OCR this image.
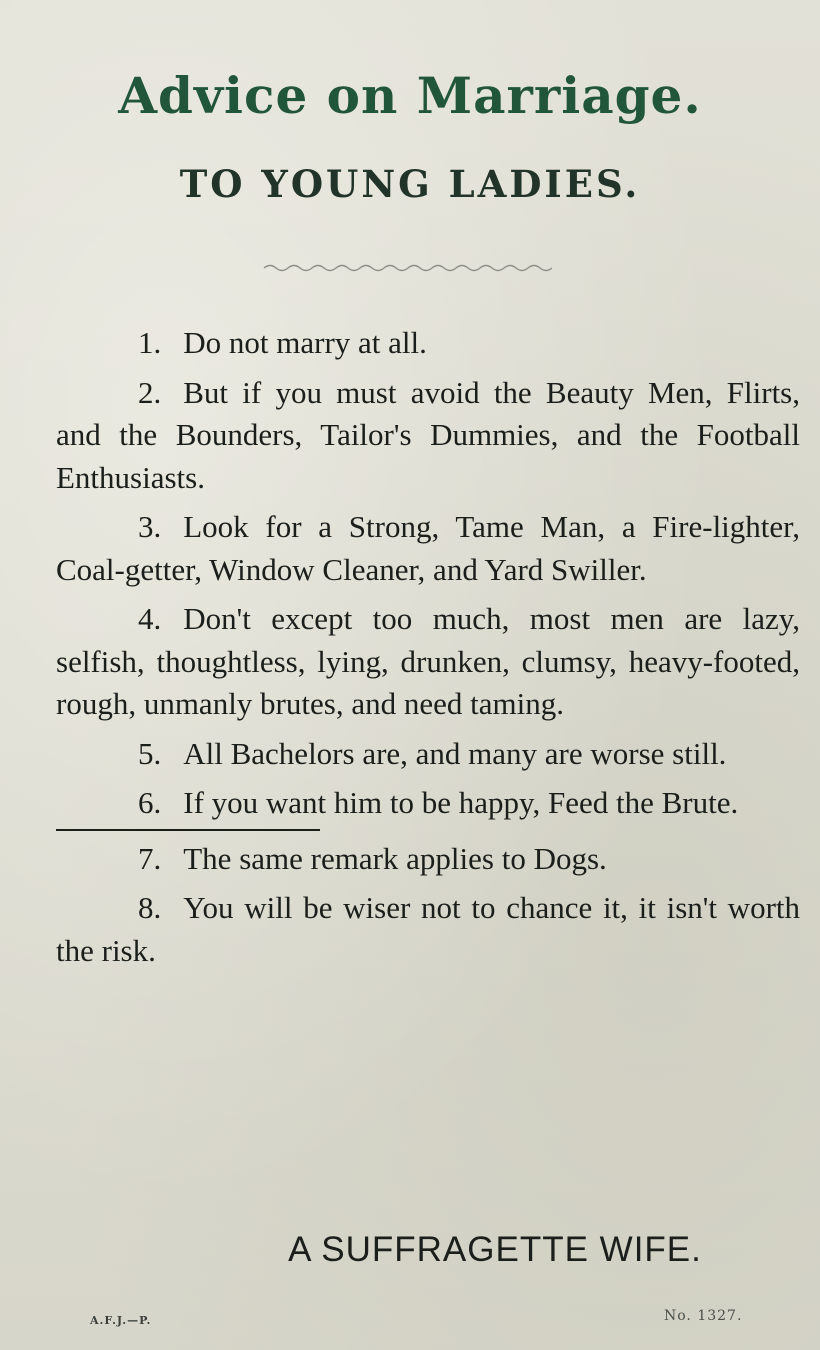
Advice on Marriage.
TO YOUNG LADIES.
1. Do not marry at all.
2. But if you must avoid the Beauty Men, Flirts, and the Bounders, Tailor's Dummies, and the Football Enthusiasts.
3. Look for a Strong, Tame Man, a Fire-lighter, Coal-getter, Window Cleaner, and Yard Swiller.
4. Don't except too much, most men are lazy, selfish, thoughtless, lying, drunken, clumsy, heavy-footed, rough, unmanly brutes, and need taming.
5. All Bachelors are, and many are worse still.
6. If you want him to be happy, Feed the Brute.
7. The same remark applies to Dogs.
8. You will be wiser not to chance it, it isn't worth the risk.

A SUFFRAGETTE WIFE.

A.F.J.—P.	No. 1327.
